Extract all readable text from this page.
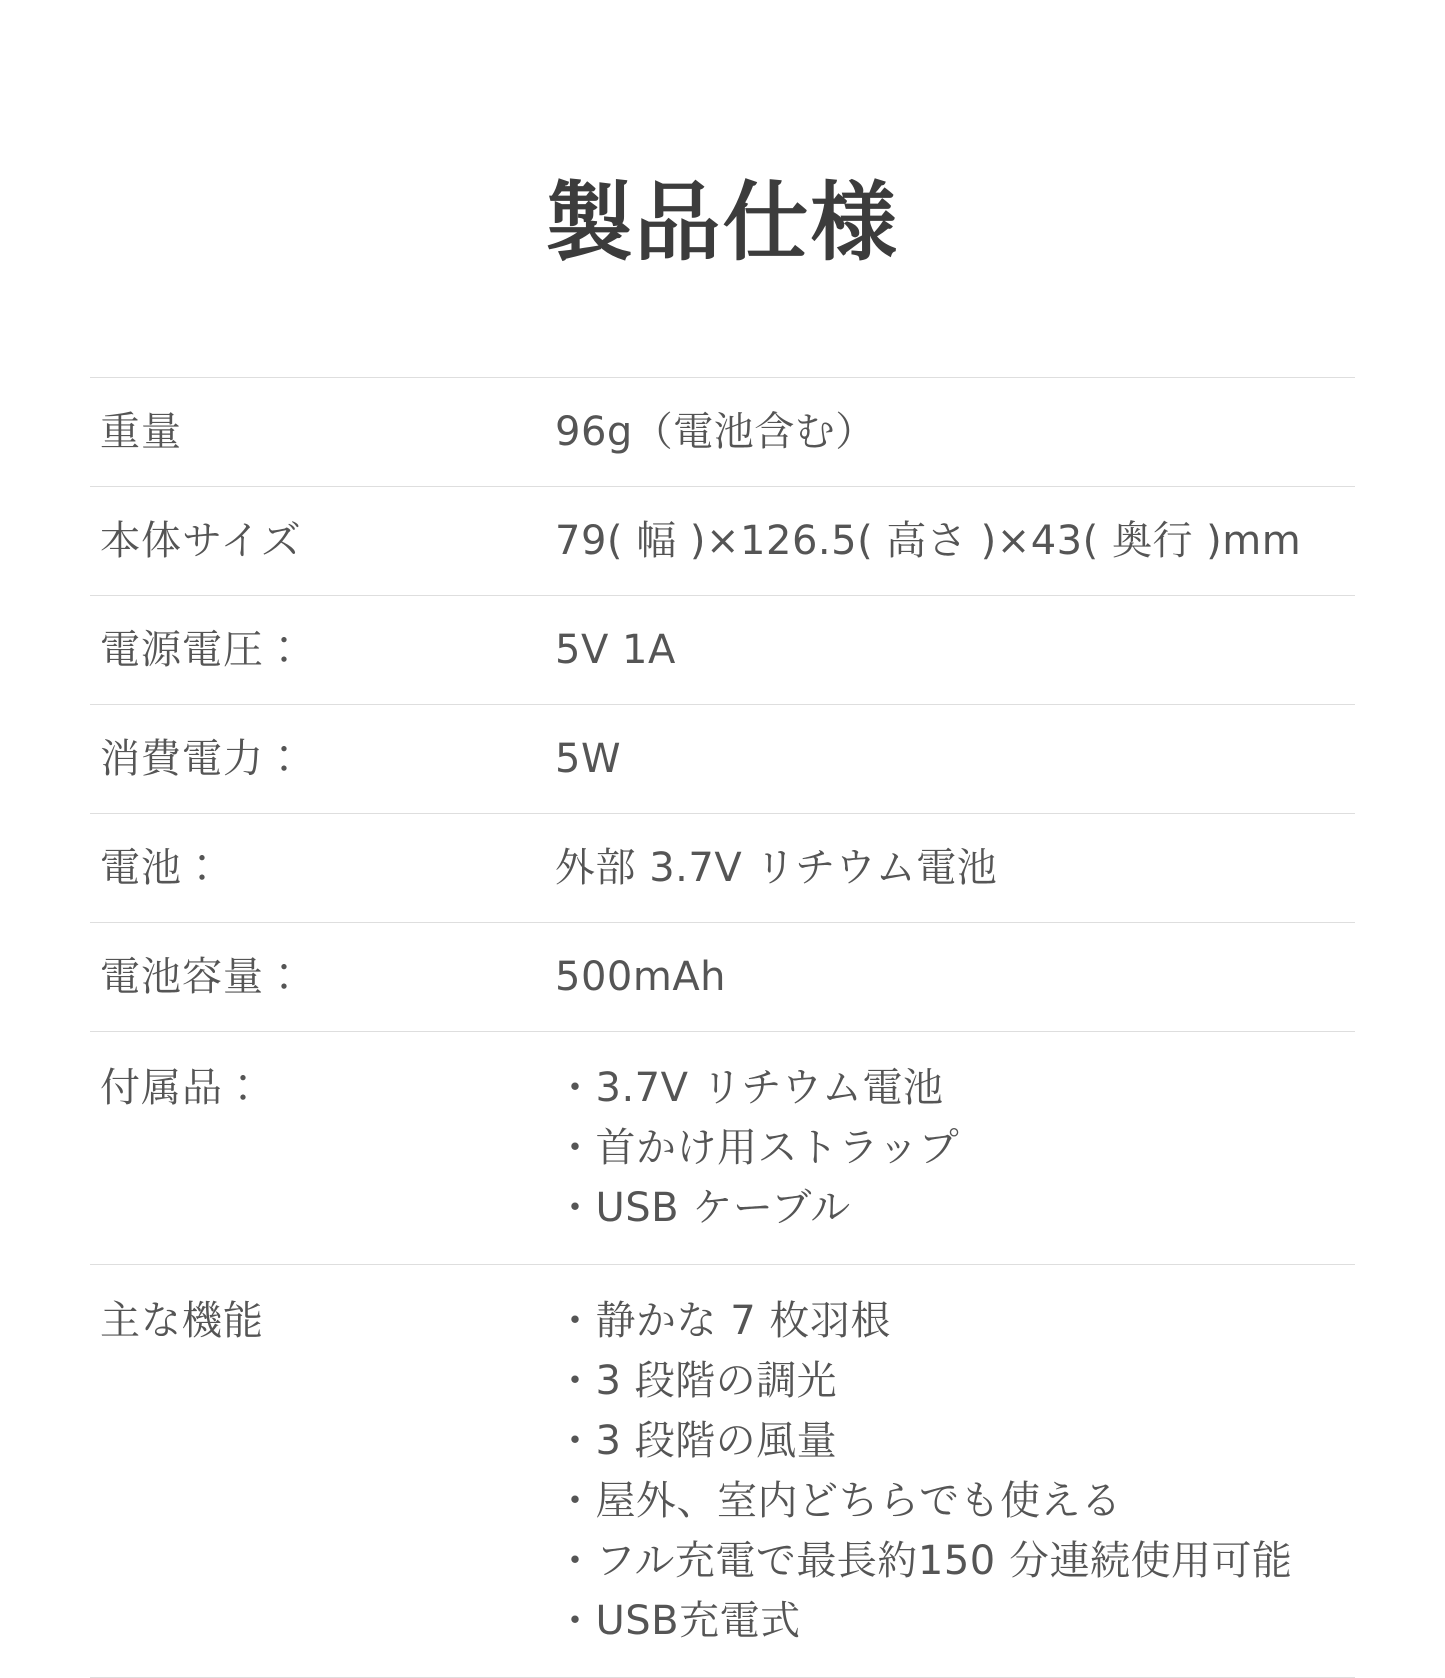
製品仕様
重量	96g（電池含む）

本体サイズ	79( 幅 )×126.5( 高さ )×43( 奥行 )mm

電源電圧：	5V 1A

消費電力：	5W

電池：	外部 3.7V リチウム電池

電池容量：	500mAh

付属品：	・3.7V リチウム電池
・首かけ用ストラップ
・USB ケーブル

主な機能	・静かな 7 枚羽根
・3 段階の調光
・3 段階の風量
・屋外、室内どちらでも使える
・フル充電で最長約150 分連続使用可能
・USB充電式
